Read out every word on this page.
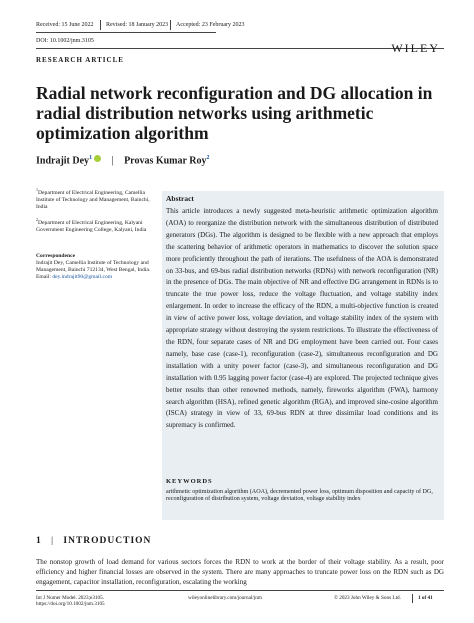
Received: 15 June 2022 Revised: 18 January 2023 Accepted: 23 February 2023
DOI: 10.1002/jnm.3105	WILEY
RESEARCH ARTICLE
Radial network reconfiguration and DG allocation in radial distribution networks using arithmetic optimization algorithm
Indrajit Dey$^1$ | Provas Kumar Roy$^2$
$^1$Department of Electrical Engineering, Camellia Institute of Technology and Management, Bainchi, India
$^2$Department of Electrical Engineering, Kalyani Government Engineering College, Kalyani, India
Correspondence
Indrajit Dey, Camellia Institute of Technology and Management, Bainchi 712134, West Bengal, India.
Email: dey.indrajit90@gmail.com
Abstract
This article introduces a newly suggested meta-heuristic arithmetic optimization algorithm (AOA) to reorganize the distribution network with the simultaneous distribution of distributed generators (DGs). The algorithm is designed to be flexible with a new approach that employs the scattering behavior of arithmetic operators in mathematics to discover the solution space more proficiently throughout the path of iterations. The usefulness of the AOA is demonstrated on 33-bus, and 69-bus radial distribution networks (RDNs) with network reconfiguration (NR) in the presence of DGs. The main objective of NR and effective DG arrangement in RDNs is to truncate the true power loss, reduce the voltage fluctuation, and voltage stability index enlargement. In order to increase the efficacy of the RDN, a multi-objective function is created in view of active power loss, voltage deviation, and voltage stability index of the system with appropriate strategy without destroying the system restrictions. To illustrate the effectiveness of the RDN, four separate cases of NR and DG employment have been carried out. Four cases namely, base case (case-1), reconfiguration (case-2), simultaneous reconfiguration and DG installation with a unity power factor (case-3), and simultaneous reconfiguration and DG installation with 0.95 lagging power factor (case-4) are explored. The projected technique gives better results than other renowned methods, namely, fireworks algorithm (FWA), harmony search algorithm (HSA), refined genetic algorithm (RGA), and improved sine-cosine algorithm (ISCA) strategy in view of 33, 69-bus RDN at three dissimilar load conditions and its supremacy is confirmed.
KEYWORDS
arithmetic optimization algorithm (AOA), decremented power loss, optimum disposition and capacity of DG, reconfiguration of distribution system, voltage deviation, voltage stability index
1 | INTRODUCTION
The nonstop growth of load demand for various sectors forces the RDN to work at the border of their voltage stability. As a result, poor efficiency and higher financial losses are observed in the system. There are many approaches to truncate power loss on the RDN such as DG engagement, capacitor installation, reconfiguration, escalating the working
Int J Numer Model. 2023;e3105.
https://doi.org/10.1002/jnm.3105
wileyonlinelibrary.com/journal/jnm	© 2023 John Wiley & Sons Ltd.	1 of 41
